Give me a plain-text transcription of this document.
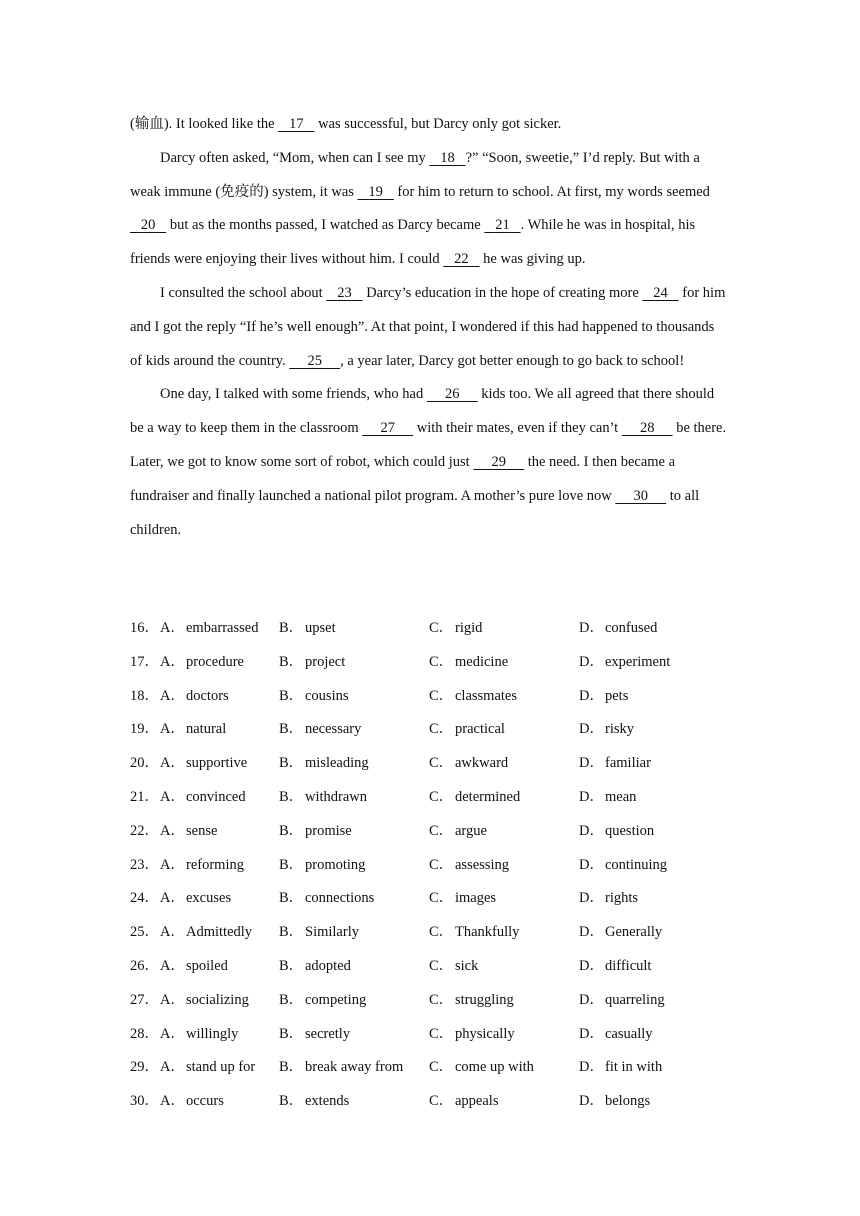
(输血). It looked like the    17    was successful, but Darcy only got sicker.

Darcy often asked, “Mom, when can I see my    18 ?” “Soon, sweetie,” I’d reply. But with a weak immune (免疫的) system, it was    19    for him to return to school. At first, my words seemed    20    but as the months passed, I watched as Darcy became    21 . While he was in hospital, his friends were enjoying their lives without him. I could    22    he was giving up.

I consulted the school about    23    Darcy’s education in the hope of creating more    24    for him and I got the reply “If he’s well enough”. At that point, I wondered if this had happened to thousands of kids around the country.      25 , a year later, Darcy got better enough to go back to school!

One day, I talked with some friends, who had      26      kids too. We all agreed that there should be a way to keep them in the classroom      27      with their mates, even if they can’t      28      be there. Later, we got to know some sort of robot, which could just      29      the need. I then became a fundraiser and finally launched a national pilot program. A mother’s pure love now      30      to all children.

16． A．embarrassed B． upset	C． rigid	D．confused
17． A．procedure B． project	C． medicine	D．experiment
18． A．doctors	B． cousins	C． classmates	D．pets
19． A．natural	B． necessary	C． practical	D．risky
20． A．supportive B． misleading	C． awkward	D．familiar
21． A．convinced B． withdrawn	C． determined	D．mean
22． A．sense	B． promise	C． argue	D．question
23． A．reforming B． promoting	C． assessing	D．continuing
24． A．excuses	B． connections	C． images	D．rights
25． A．Admittedly B． Similarly	C． Thankfully	D．Generally
26． A．spoiled	B． adopted	C． sick	D．difficult
27． A．socializing B． competing	C． struggling	D．quarreling
28． A．willingly	B． secretly	C． physically	D．casually
29． A．stand up for B． break away from C． come up with	D．fit in with
30． A．occurs	B． extends	C． appeals	D．belongs
